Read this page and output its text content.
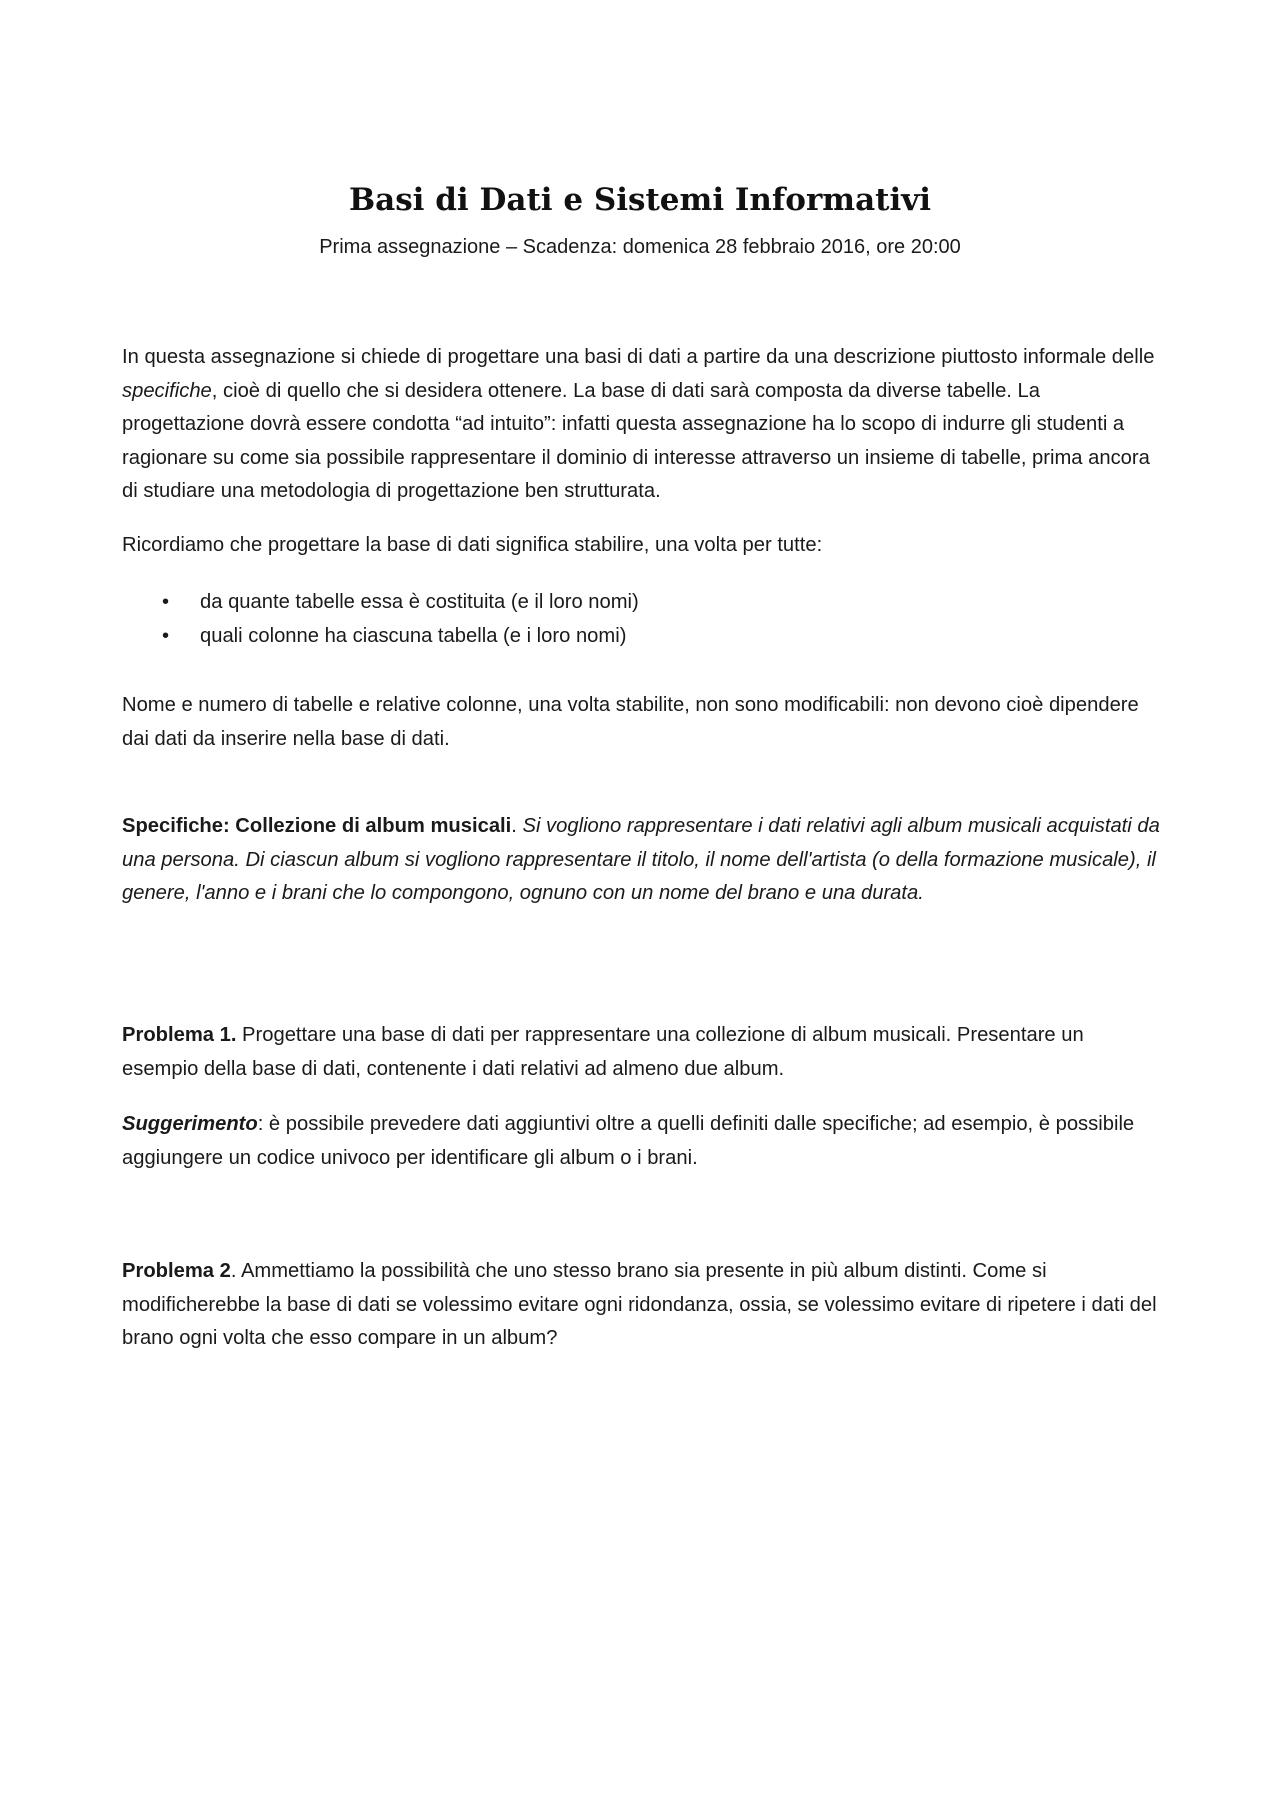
Basi di Dati e Sistemi Informativi

Prima assegnazione – Scadenza: domenica 28 febbraio 2016, ore 20:00

In questa assegnazione si chiede di progettare una basi di dati a partire da una descrizione piuttosto informale delle specifiche, cioè di quello che si desidera ottenere. La base di dati sarà composta da diverse tabelle. La progettazione dovrà essere condotta “ad intuito”: infatti questa assegnazione ha lo scopo di indurre gli studenti a ragionare su come sia possibile rappresentare il dominio di interesse attraverso un insieme di tabelle, prima ancora di studiare una metodologia di progettazione ben strutturata.

Ricordiamo che progettare la base di dati significa stabilire, una volta per tutte:

• da quante tabelle essa è costituita (e il loro nomi)
• quali colonne ha ciascuna tabella (e i loro nomi)

Nome e numero di tabelle e relative colonne, una volta stabilite, non sono modificabili: non devono cioè dipendere dai dati da inserire nella base di dati.

Specifiche: Collezione di album musicali. Si vogliono rappresentare i dati relativi agli album musicali acquistati da una persona. Di ciascun album si vogliono rappresentare il titolo, il nome dell'artista (o della formazione musicale), il genere, l'anno e i brani che lo compongono, ognuno con un nome del brano e una durata.

Problema 1. Progettare una base di dati per rappresentare una collezione di album musicali. Presentare un esempio della base di dati, contenente i dati relativi ad almeno due album.

Suggerimento: è possibile prevedere dati aggiuntivi oltre a quelli definiti dalle specifiche; ad esempio, è possibile aggiungere un codice univoco per identificare gli album o i brani.

Problema 2. Ammettiamo la possibilità che uno stesso brano sia presente in più album distinti. Come si modificherebbe la base di dati se volessimo evitare ogni ridondanza, ossia, se volessimo evitare di ripetere i dati del brano ogni volta che esso compare in un album?
